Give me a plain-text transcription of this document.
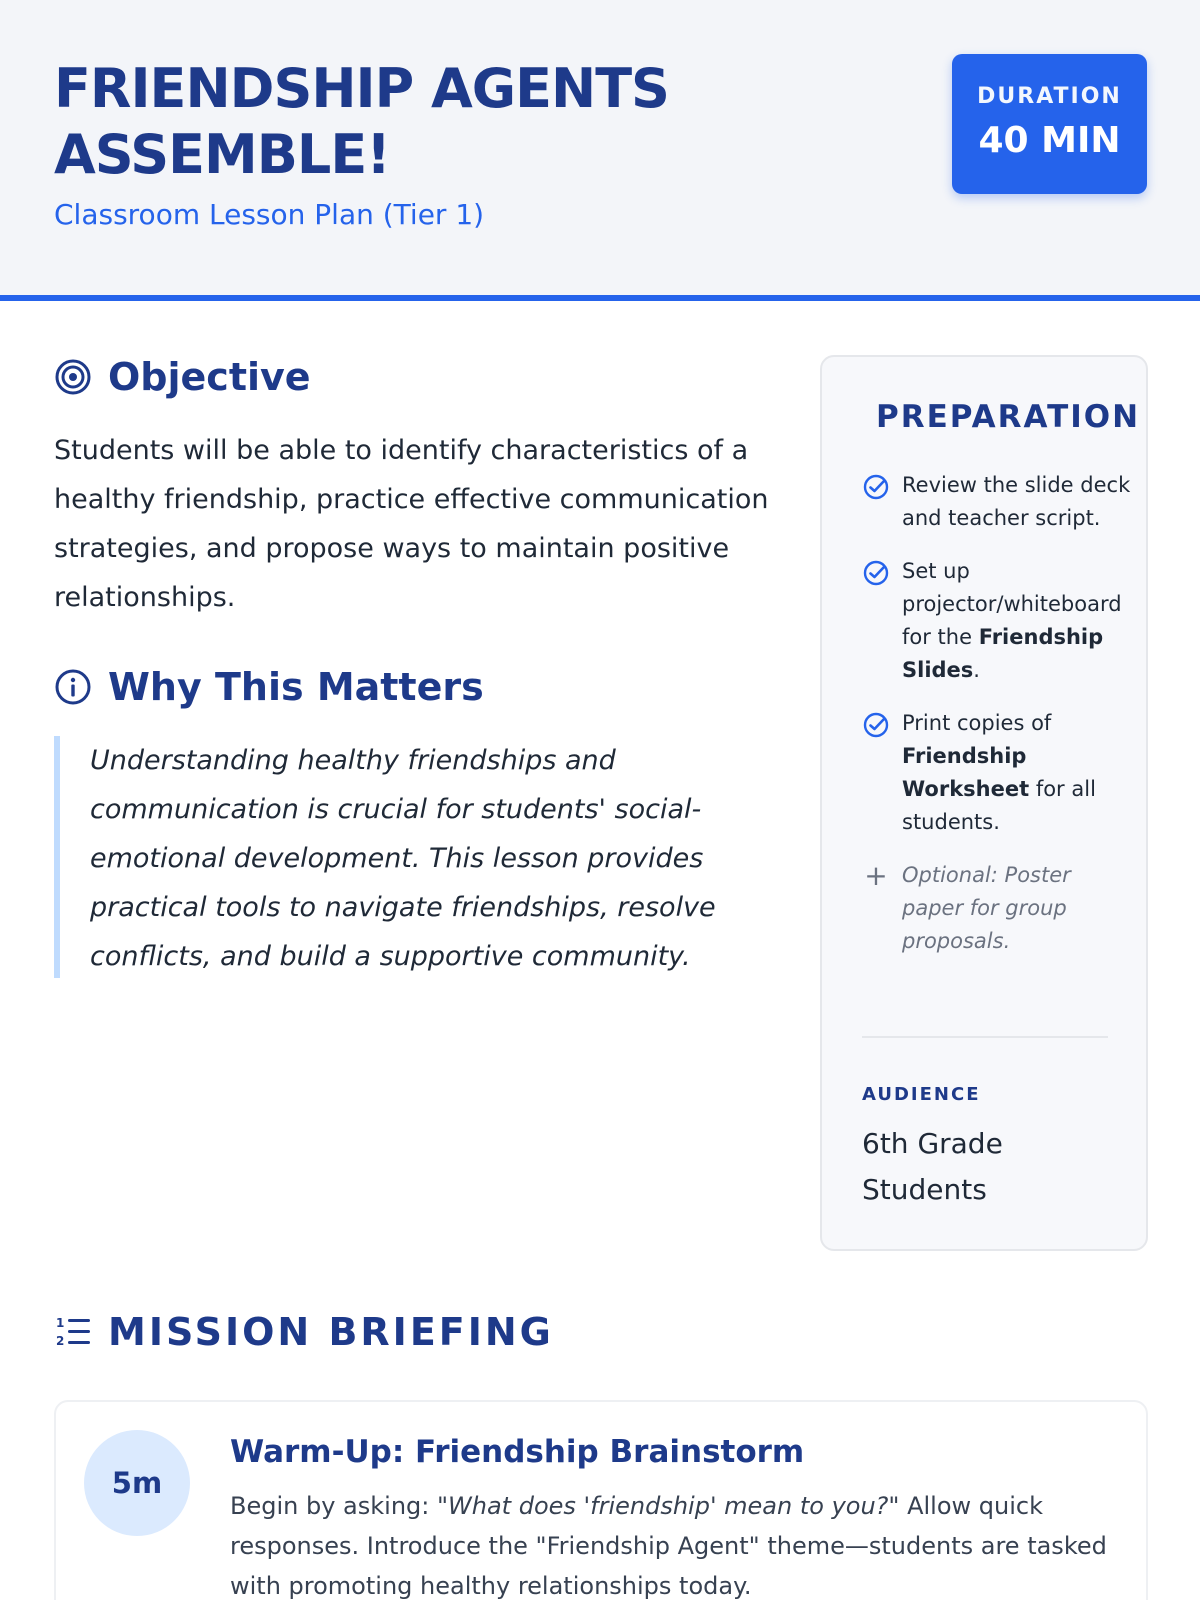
FRIENDSHIP AGENTS ASSEMBLE!
Classroom Lesson Plan (Tier 1)
DURATION
40 MIN
Objective

Students will be able to identify characteristics of a healthy friendship, practice effective communication strategies, and propose ways to maintain positive relationships.

Why This Matters

Understanding healthy friendships and communication is crucial for students' social-emotional development. This lesson provides practical tools to navigate friendships, resolve conflicts, and build a supportive community.

PREPARATION
Review the slide deck and teacher script.
Set up projector/whiteboard for the Friendship Slides.
Print copies of Friendship Worksheet for all students.
+ Optional: Poster paper for group proposals.
AUDIENCE
6th Grade Students
1
2 MISSION BRIEFING
5m
Warm-Up: Friendship Brainstorm

Begin by asking: "What does 'friendship' mean to you?" Allow quick responses. Introduce the "Friendship Agent" theme—students are tasked with promoting healthy relationships today.
